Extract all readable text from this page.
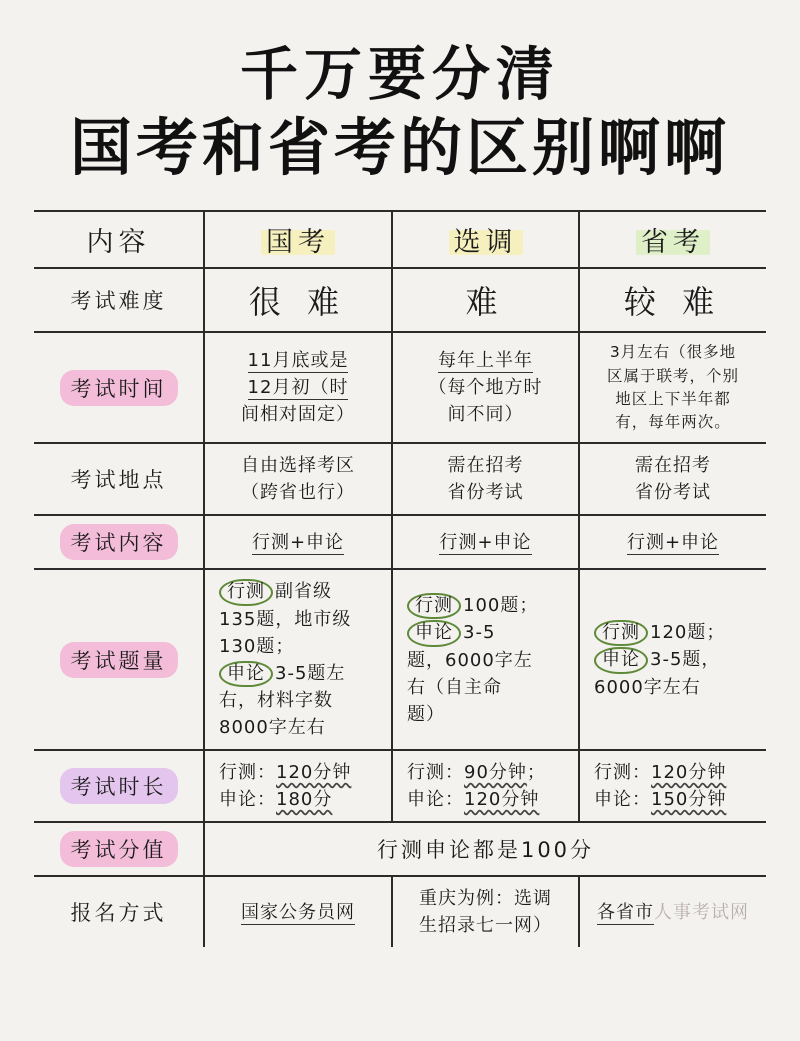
千万要分清
国考和省考的区别啊啊
内容	国考	选调	省考
考试难度	很 难	难	较 难
考试时间	11月底或是
12月初（时
间相对固定）	每年上半年
（每个地方时
间不同）	3月左右（很多地
区属于联考，个别
地区上下半年都
有，每年两次。
考试地点	自由选择考区
（跨省也行）	需在招考
省份考试	需在招考
省份考试
考试内容	行测+申论	行测+申论	行测+申论
考试题量	行测 副省级
135题，地市级
130题；
申论 3-5题左
右，材料字数
8000字左右	行测 100题；
申论 3-5
题，6000字左
右（自主命
题）	行测 120题；
申论 3-5题，
6000字左右
考试时长	行测：120分钟
申论：180分	行测：90分钟；
申论：120分钟	行测：120分钟
申论：150分钟
考试分值	行测申论都是100分		
报名方式	国家公务员网	重庆为例：选调
生招录七一网）	各省市人事考试网
